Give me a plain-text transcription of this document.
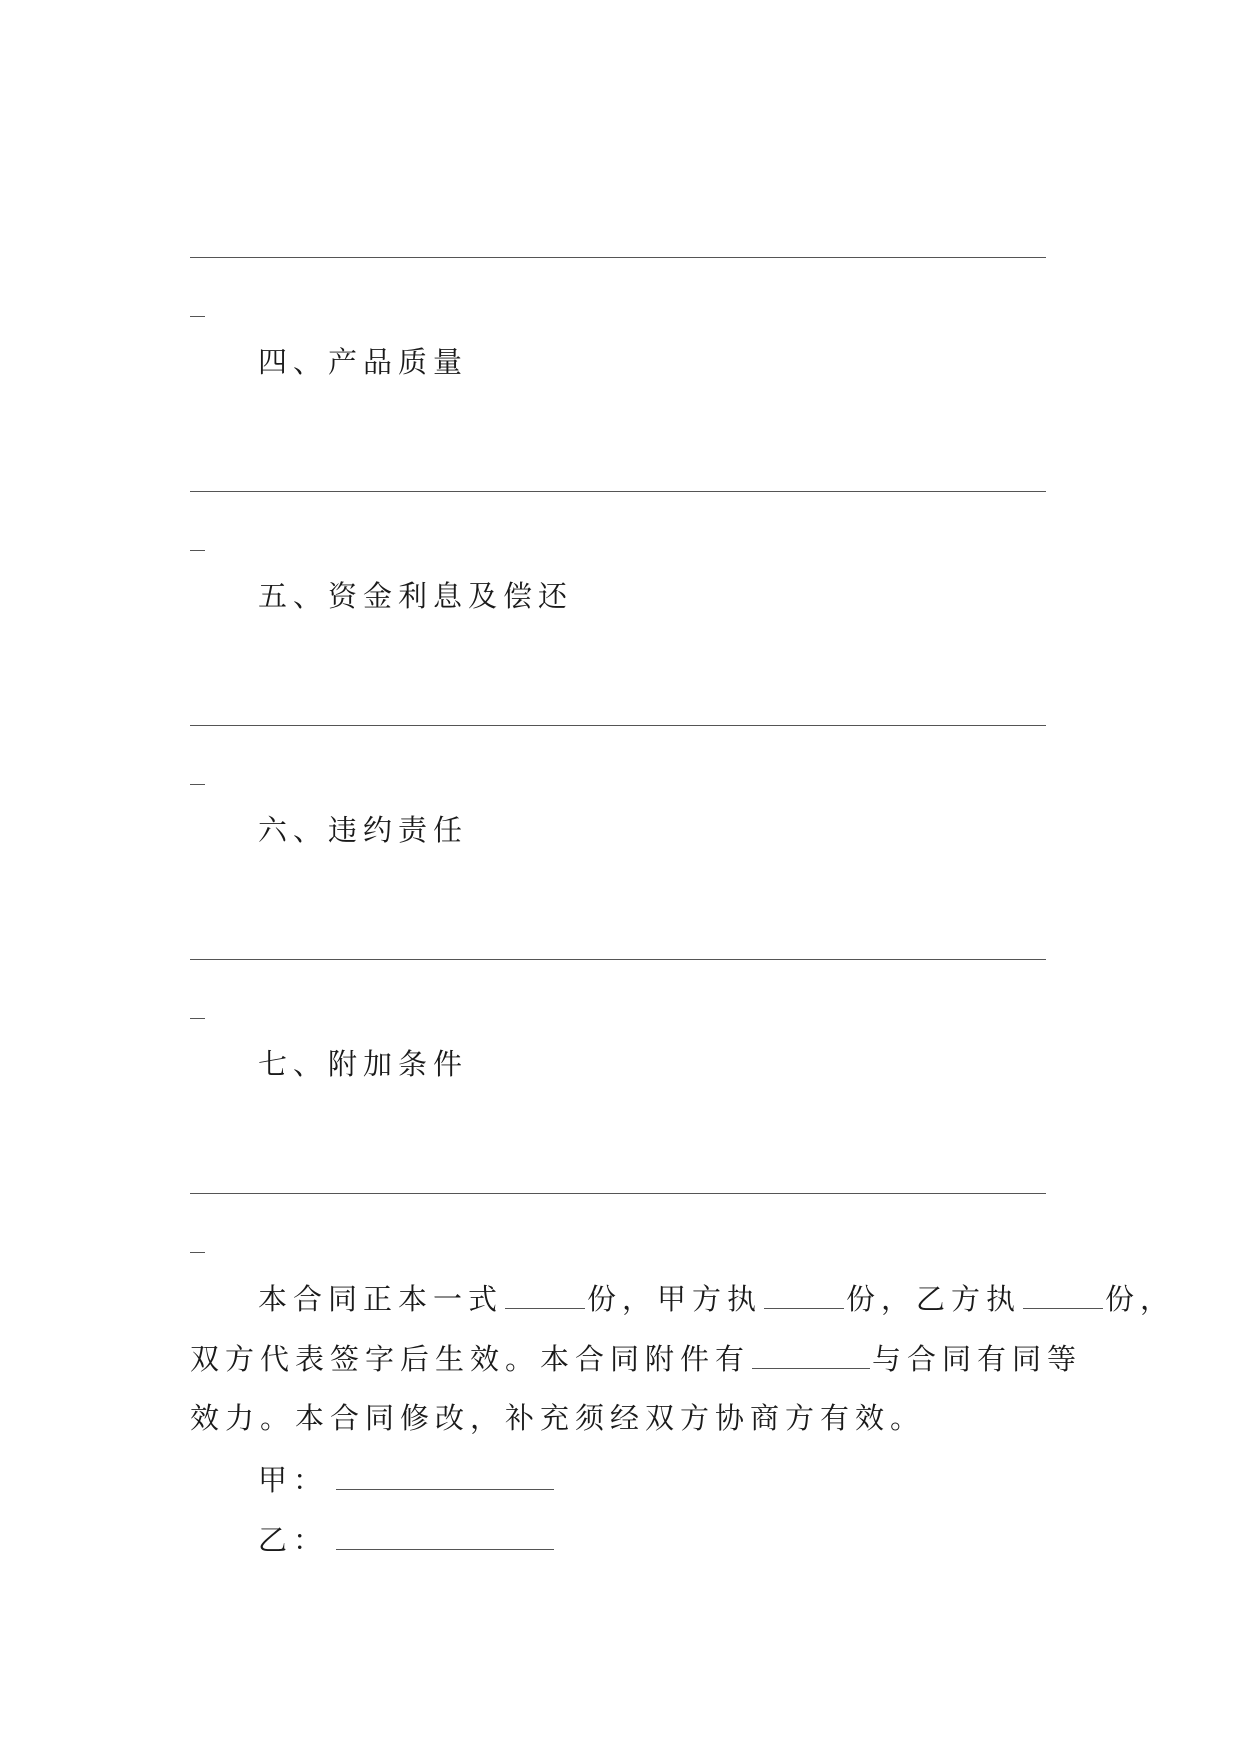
四、产品质量
五、资金利息及偿还
六、违约责任
七、附加条件
本合同正本一式	份，甲方执	份，乙方执	份，
双方代表签字后生效。本合同附件有	与合同有同等
效力。本合同修改，补充须经双方协商方有效。
甲：
乙：
